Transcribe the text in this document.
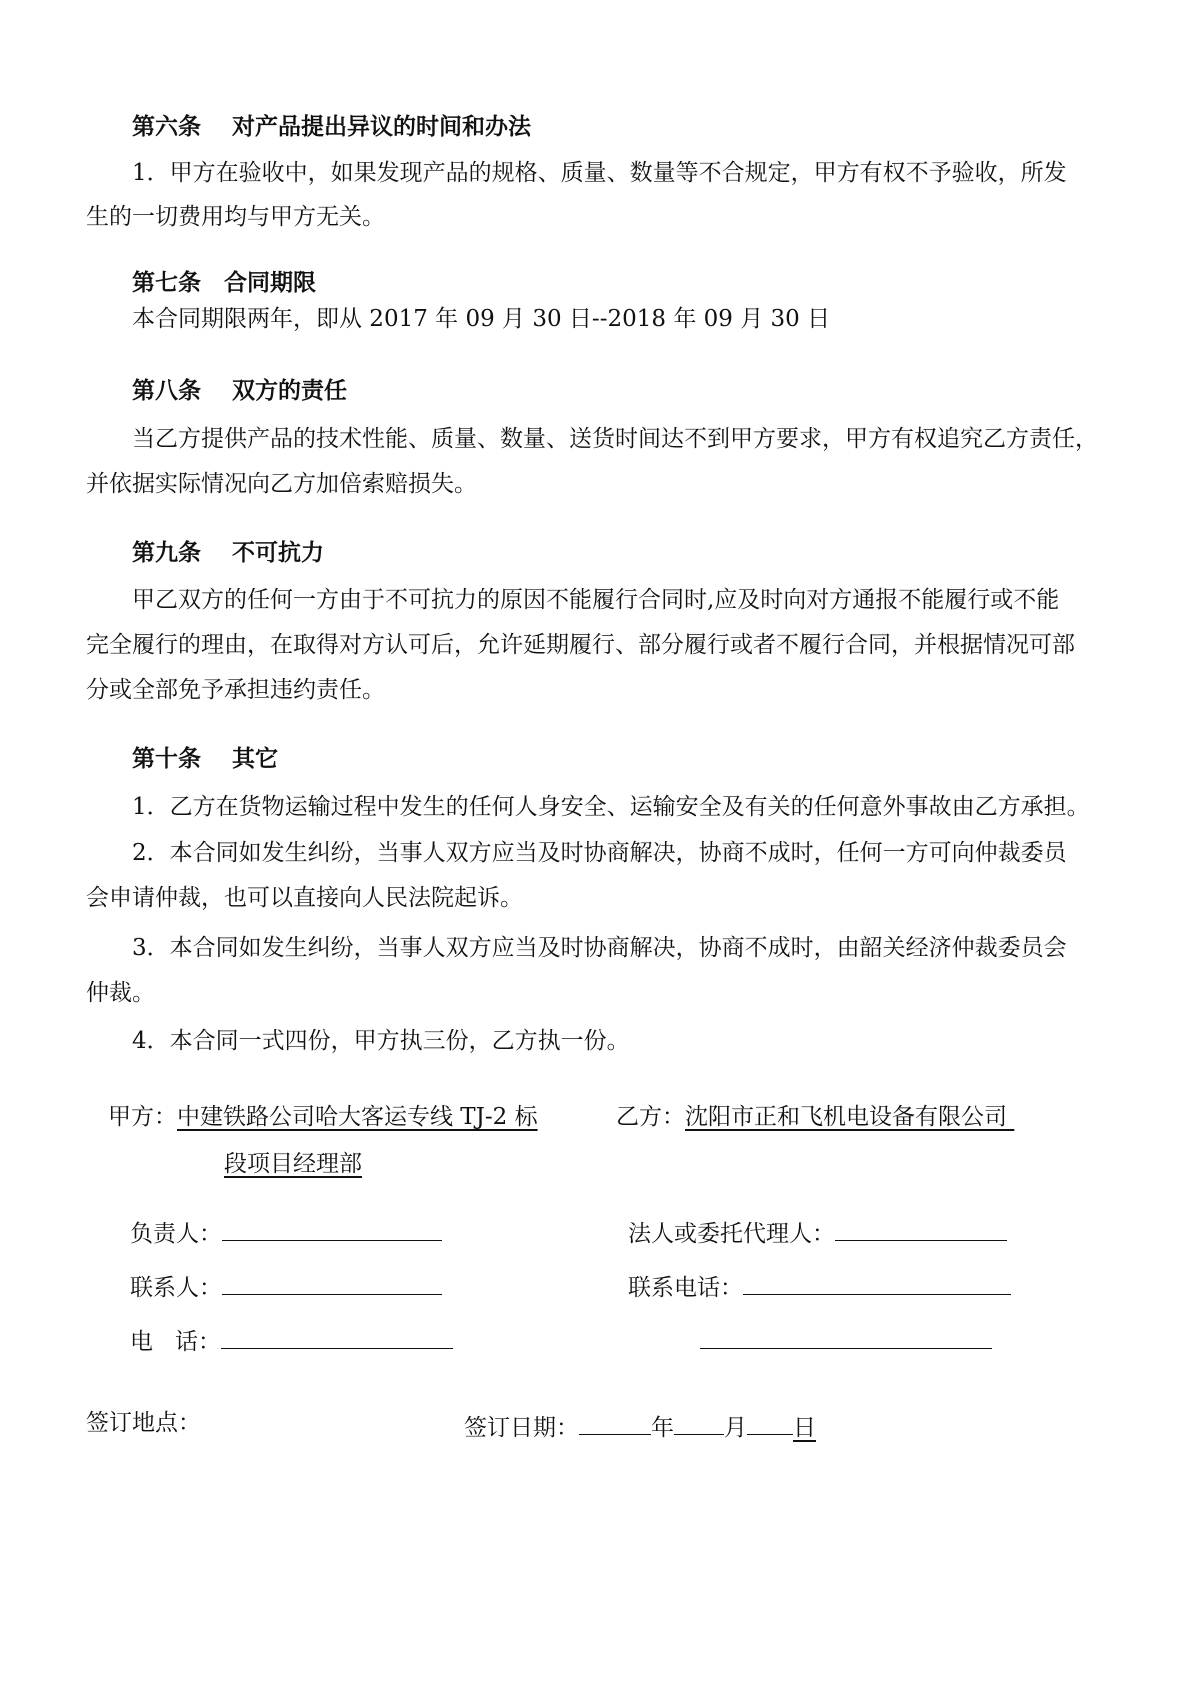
第六条 对产品提出异议的时间和办法
1．甲方在验收中，如果发现产品的规格、质量、数量等不合规定，甲方有权不予验收，所发
生的一切费用均与甲方无关。
第七条 合同期限
本合同期限两年，即从 2017 年 09 月 30 日--2018 年 09 月 30 日
第八条 双方的责任
当乙方提供产品的技术性能、质量、数量、送货时间达不到甲方要求，甲方有权追究乙方责任，
并依据实际情况向乙方加倍索赔损失。
第九条 不可抗力
甲乙双方的任何一方由于不可抗力的原因不能履行合同时,应及时向对方通报不能履行或不能
完全履行的理由，在取得对方认可后，允许延期履行、部分履行或者不履行合同，并根据情况可部
分或全部免予承担违约责任。
第十条 其它
1．乙方在货物运输过程中发生的任何人身安全、运输安全及有关的任何意外事故由乙方承担。
2．本合同如发生纠纷，当事人双方应当及时协商解决，协商不成时，任何一方可向仲裁委员
会申请仲裁，也可以直接向人民法院起诉。
3．本合同如发生纠纷，当事人双方应当及时协商解决，协商不成时，由韶关经济仲裁委员会
仲裁。
4．本合同一式四份，甲方执三份，乙方执一份。
甲方：中建铁路公司哈大客运专线 TJ-2 标
段项目经理部
乙方：沈阳市正和飞机电设备有限公司
负责人：	法人或委托代理人：
联系人：	联系电话：
电 话：
签订地点：	签订日期：	年 月 日
